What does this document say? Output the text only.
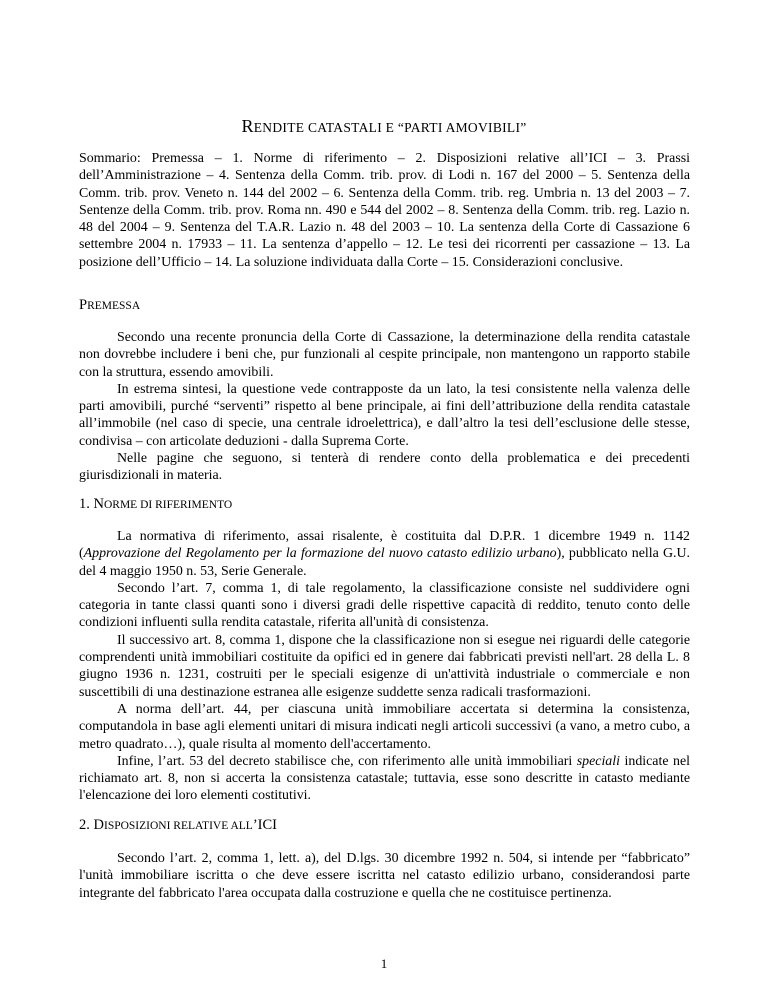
RENDITE CATASTALI E “PARTI AMOVIBILI”
Sommario: Premessa – 1. Norme di riferimento – 2. Disposizioni relative all’ICI – 3. Prassi dell’Amministrazione – 4. Sentenza della Comm. trib. prov. di Lodi n. 167 del 2000 – 5. Sentenza della Comm. trib. prov. Veneto n. 144 del 2002 – 6. Sentenza della Comm. trib. reg. Umbria n. 13 del 2003 – 7. Sentenze della Comm. trib. prov. Roma nn. 490 e 544 del 2002 – 8. Sentenza della Comm. trib. reg. Lazio n. 48 del 2004 – 9. Sentenza del T.A.R. Lazio n. 48 del 2003 – 10. La sentenza della Corte di Cassazione 6 settembre 2004 n. 17933 – 11. La sentenza d’appello – 12. Le tesi dei ricorrenti per cassazione – 13. La posizione dell’Ufficio – 14. La soluzione individuata dalla Corte – 15. Considerazioni conclusive.
PREMESSA

Secondo una recente pronuncia della Corte di Cassazione, la determinazione della rendita catastale non dovrebbe includere i beni che, pur funzionali al cespite principale, non mantengono un rapporto stabile con la struttura, essendo amovibili.

In estrema sintesi, la questione vede contrapposte da un lato, la tesi consistente nella valenza delle parti amovibili, purché “serventi” rispetto al bene principale, ai fini dell’attribuzione della rendita catastale all’immobile (nel caso di specie, una centrale idroelettrica), e dall’altro la tesi dell’esclusione delle stesse, condivisa – con articolate deduzioni - dalla Suprema Corte.

Nelle pagine che seguono, si tenterà di rendere conto della problematica e dei precedenti giurisdizionali in materia.

1. NORME DI RIFERIMENTO

La normativa di riferimento, assai risalente, è costituita dal D.P.R. 1 dicembre 1949 n. 1142 (Approvazione del Regolamento per la formazione del nuovo catasto edilizio urbano), pubblicato nella G.U. del 4 maggio 1950 n. 53, Serie Generale.

Secondo l’art. 7, comma 1, di tale regolamento, la classificazione consiste nel suddividere ogni categoria in tante classi quanti sono i diversi gradi delle rispettive capacità di reddito, tenuto conto delle condizioni influenti sulla rendita catastale, riferita all'unità di consistenza.

Il successivo art. 8, comma 1, dispone che la classificazione non si esegue nei riguardi delle categorie comprendenti unità immobiliari costituite da opifici ed in genere dai fabbricati previsti nell'art. 28 della L. 8 giugno 1936 n. 1231, costruiti per le speciali esigenze di un'attività industriale o commerciale e non suscettibili di una destinazione estranea alle esigenze suddette senza radicali trasformazioni.

A norma dell’art. 44, per ciascuna unità immobiliare accertata si determina la consistenza, computandola in base agli elementi unitari di misura indicati negli articoli successivi (a vano, a metro cubo, a metro quadrato…), quale risulta al momento dell'accertamento.

Infine, l’art. 53 del decreto stabilisce che, con riferimento alle unità immobiliari speciali indicate nel richiamato art. 8, non si accerta la consistenza catastale; tuttavia, esse sono descritte in catasto mediante l'elencazione dei loro elementi costitutivi.

2. DISPOSIZIONI RELATIVE ALL’ICI

Secondo l’art. 2, comma 1, lett. a), del D.lgs. 30 dicembre 1992 n. 504, si intende per “fabbricato” l'unità immobiliare iscritta o che deve essere iscritta nel catasto edilizio urbano, considerandosi parte integrante del fabbricato l'area occupata dalla costruzione e quella che ne costituisce pertinenza.

1
